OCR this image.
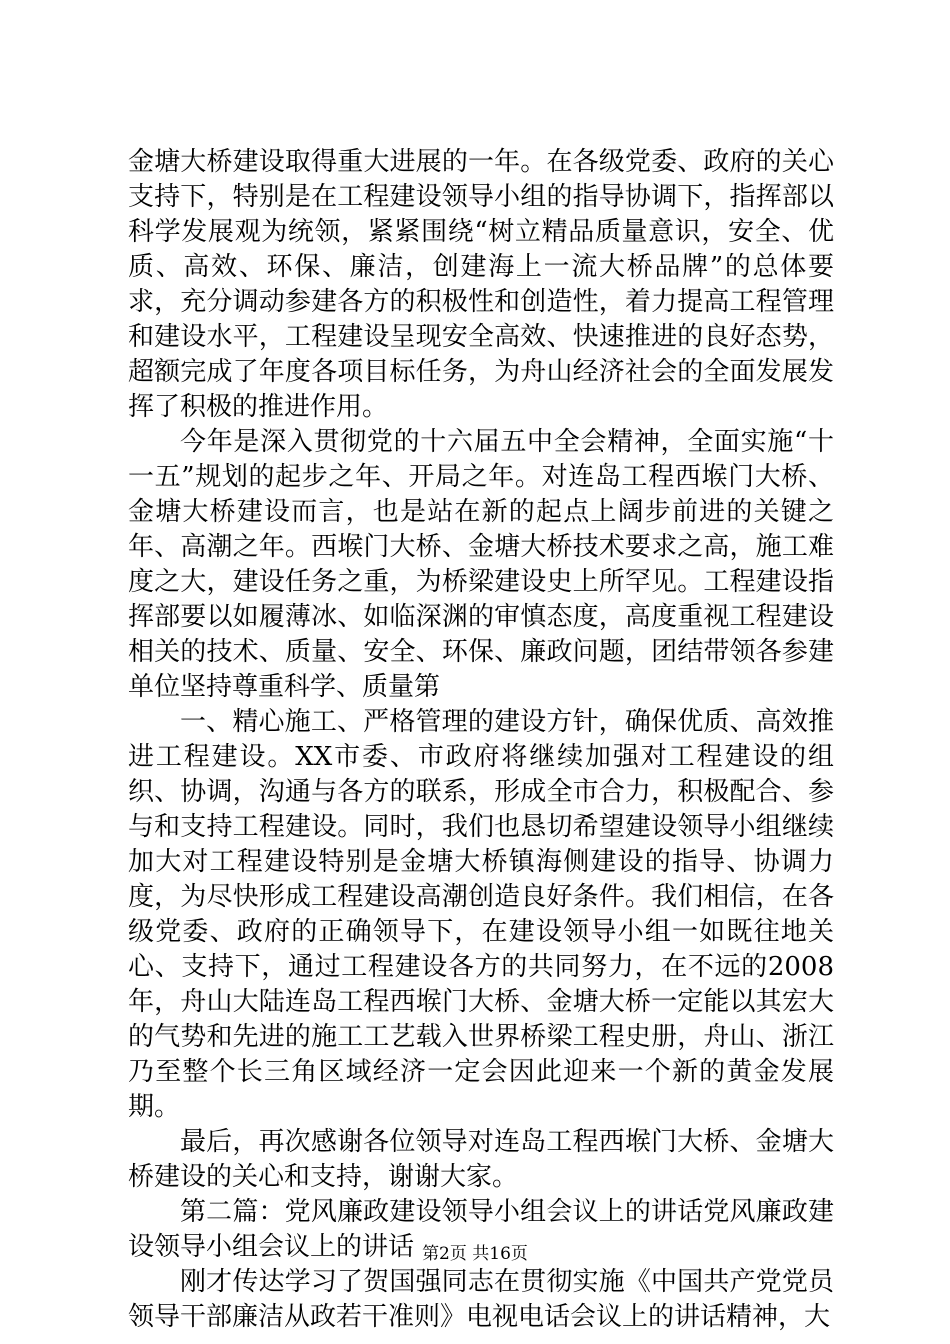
金塘大桥建设取得重大进展的一年。在各级党委、政府的关心支持下，特别是在工程建设领导小组的指导协调下，指挥部以科学发展观为统领，紧紧围绕“树立精品质量意识，安全、优质、高效、环保、廉洁，创建海上一流大桥品牌”的总体要求，充分调动参建各方的积极性和创造性，着力提高工程管理和建设水平，工程建设呈现安全高效、快速推进的良好态势，超额完成了年度各项目标任务，为舟山经济社会的全面发展发挥了积极的推进作用。

今年是深入贯彻党的十六届五中全会精神，全面实施“十一五”规划的起步之年、开局之年。对连岛工程西堠门大桥、金塘大桥建设而言，也是站在新的起点上阔步前进的关键之年、高潮之年。西堠门大桥、金塘大桥技术要求之高，施工难度之大，建设任务之重，为桥梁建设史上所罕见。工程建设指挥部要以如履薄冰、如临深渊的审慎态度，高度重视工程建设相关的技术、质量、安全、环保、廉政问题，团结带领各参建单位坚持尊重科学、质量第

一、精心施工、严格管理的建设方针，确保优质、高效推进工程建设。XX市委、市政府将继续加强对工程建设的组织、协调，沟通与各方的联系，形成全市合力，积极配合、参与和支持工程建设。同时，我们也恳切希望建设领导小组继续加大对工程建设特别是金塘大桥镇海侧建设的指导、协调力度，为尽快形成工程建设高潮创造良好条件。我们相信，在各级党委、政府的正确领导下，在建设领导小组一如既往地关心、支持下，通过工程建设各方的共同努力，在不远的2008年，舟山大陆连岛工程西堠门大桥、金塘大桥一定能以其宏大的气势和先进的施工工艺载入世界桥梁工程史册，舟山、浙江乃至整个长三角区域经济一定会因此迎来一个新的黄金发展期。

最后，再次感谢各位领导对连岛工程西堠门大桥、金塘大桥建设的关心和支持，谢谢大家。

第二篇：党风廉政建设领导小组会议上的讲话党风廉政建设领导小组会议上的讲话

刚才传达学习了贺国强同志在贯彻实施《中国共产党党员领导干部廉洁从政若干准则》电视电话会议上的讲话精神，大

第2页 共16页
